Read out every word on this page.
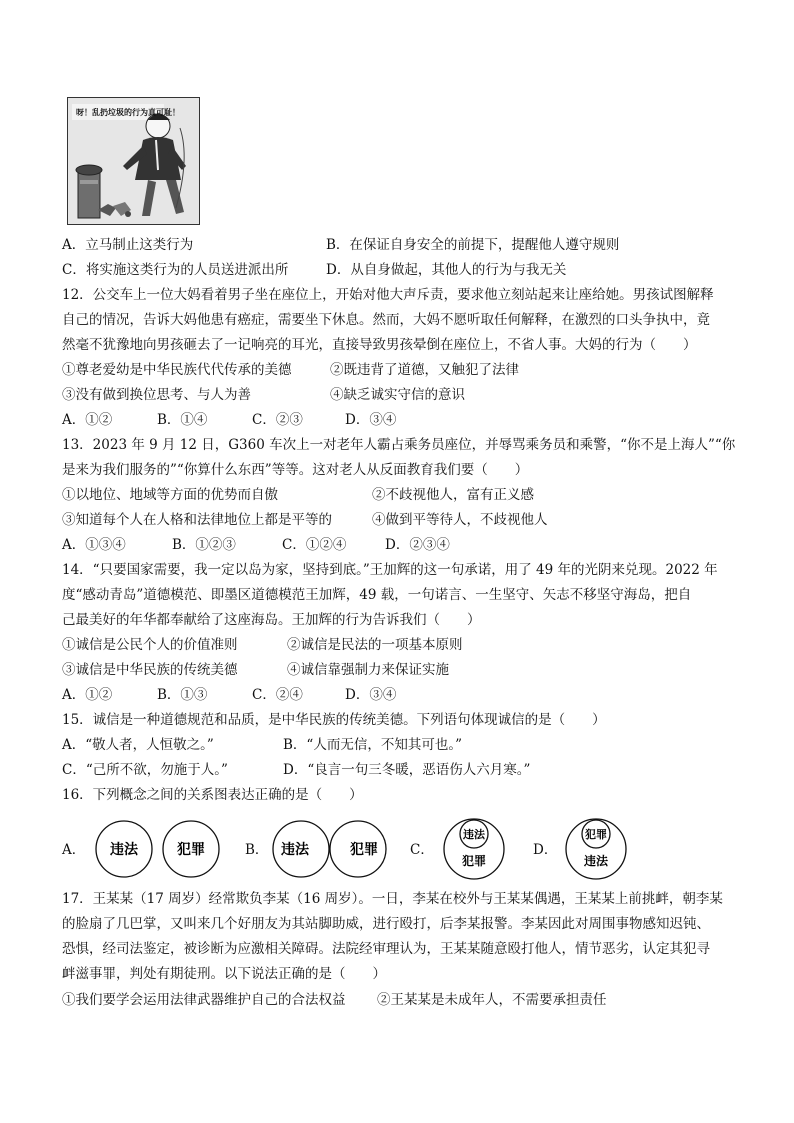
呀！乱扔垃圾的行为真可耻！
A．立马制止这类行为	B．在保证自身安全的前提下，提醒他人遵守规则
C．将实施这类行为的人员送进派出所	D．从自身做起，其他人的行为与我无关
12．公交车上一位大妈看着男子坐在座位上，开始对他大声斥责，要求他立刻站起来让座给她。男孩试图解释
自己的情况，告诉大妈他患有癌症，需要坐下休息。然而，大妈不愿听取任何解释，在激烈的口头争执中，竟
然毫不犹豫地向男孩砸去了一记响亮的耳光，直接导致男孩晕倒在座位上，不省人事。大妈的行为（　　）
①尊老爱幼是中华民族代代传承的美德	②既违背了道德，又触犯了法律
③没有做到换位思考、与人为善	④缺乏诚实守信的意识
A．①②	B．①④	C．②③	D．③④
13．2023 年 9 月 12 日，G360 车次上一对老年人霸占乘务员座位，并辱骂乘务员和乘警，“你不是上海人”“你
是来为我们服务的”“你算什么东西”等等。这对老人从反面教育我们要（　　）
①以地位、地域等方面的优势而自傲	②不歧视他人，富有正义感
③知道每个人在人格和法律地位上都是平等的	④做到平等待人，不歧视他人
A．①③④	B．①②③	C．①②④	D．②③④
14．“只要国家需要，我一定以岛为家，坚持到底。”王加辉的这一句承诺，用了 49 年的光阴来兑现。2022 年
度“感动青岛”道德模范、即墨区道德模范王加辉，49 载，一句诺言、一生坚守、矢志不移坚守海岛，把自
己最美好的年华都奉献给了这座海岛。王加辉的行为告诉我们（　　）
①诚信是公民个人的价值准则	②诚信是民法的一项基本原则
③诚信是中华民族的传统美德	④诚信靠强制力来保证实施
A．①②	B．①③	C．②④	D．③④
15．诚信是一种道德规范和品质，是中华民族的传统美德。下列语句体现诚信的是（　　）
A．“敬人者，人恒敬之。”	B．“人而无信，不知其可也。”
C．“己所不欲，勿施于人。”	D．“良言一句三冬暖，恶语伤人六月寒。”
16．下列概念之间的关系图表达正确的是（　　）
A． 违法	犯罪	B． 违法	犯罪 C．
违法
犯罪
D．
犯罪
违法
17．王某某（17 周岁）经常欺负李某（16 周岁）。一日，李某在校外与王某某偶遇，王某某上前挑衅，朝李某
的脸扇了几巴掌，又叫来几个好朋友为其站脚助威，进行殴打，后李某报警。李某因此对周围事物感知迟钝、
恐惧，经司法鉴定，被诊断为应激相关障碍。法院经审理认为，王某某随意殴打他人，情节恶劣，认定其犯寻
衅滋事罪，判处有期徒刑。以下说法正确的是（　　）
①我们要学会运用法律武器维护自己的合法权益 ②王某某是未成年人，不需要承担责任
